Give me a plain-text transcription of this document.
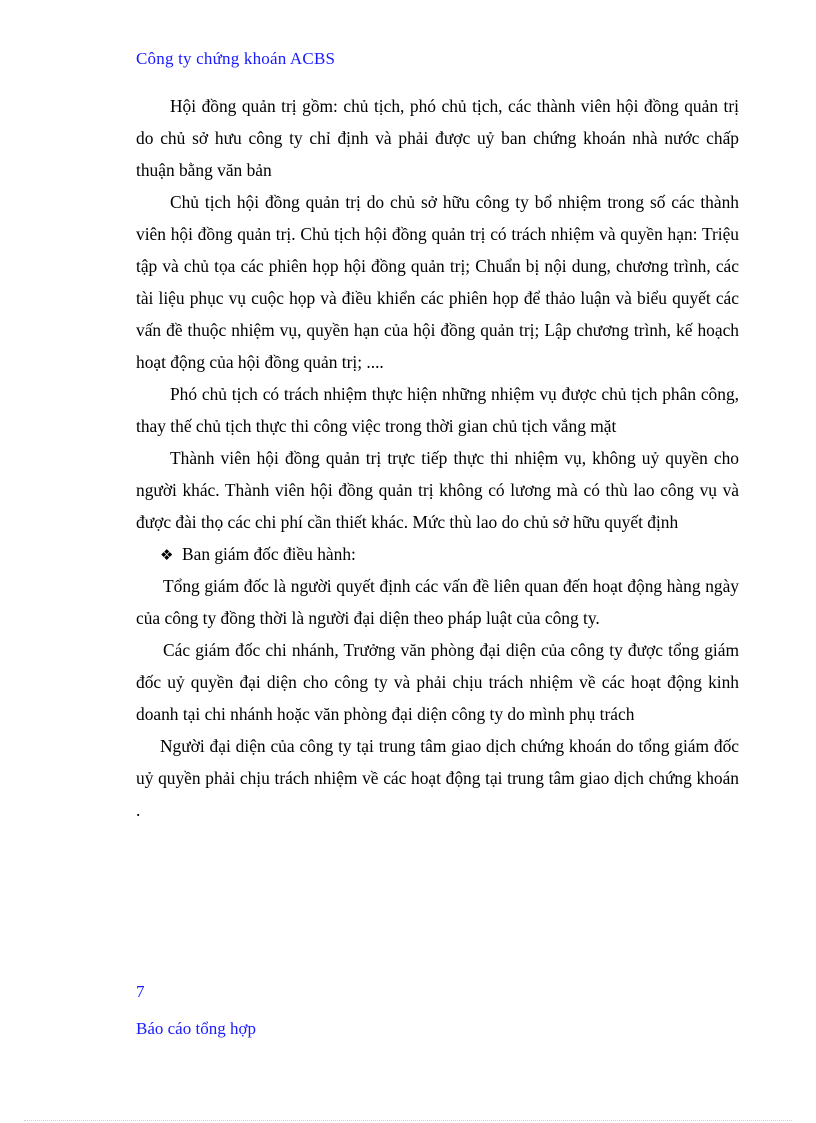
Công ty chứng khoán ACBS

Hội đồng quản trị gồm: chủ tịch, phó chủ tịch, các thành viên hội đồng quản trị do chủ sở hưu công ty chỉ định và phải được uỷ ban chứng khoán nhà nước chấp thuận bằng văn bản

Chủ tịch hội đồng quản trị do chủ sở hữu công ty bổ nhiệm trong số các thành viên hội đồng quản trị. Chủ tịch hội đồng quản trị có trách nhiệm và quyền hạn: Triệu tập và chủ tọa các phiên họp hội đồng quản trị; Chuẩn bị nội dung, chương trình, các tài liệu phục vụ cuộc họp và điều khiển các phiên họp để thảo luận và biểu quyết các vấn đề thuộc nhiệm vụ, quyền hạn của hội đồng quản trị; Lập chương trình, kế hoạch hoạt động của hội đồng quản trị; ....

Phó chủ tịch có trách nhiệm thực hiện những nhiệm vụ được chủ tịch phân công, thay thế chủ tịch thực thi công việc trong thời gian chủ tịch vắng mặt

Thành viên hội đồng quản trị trực tiếp thực thi nhiệm vụ, không uỷ quyền cho người khác. Thành viên hội đồng quản trị không có lương mà có thù lao công vụ và được đài thọ các chi phí cần thiết khác. Mức thù lao do chủ sở hữu quyết định

❖ Ban giám đốc điều hành:

Tổng giám đốc là người quyết định các vấn đề liên quan đến hoạt động hàng ngày của công ty đồng thời là người đại diện theo pháp luật của công ty.

Các giám đốc chi nhánh, Trưởng văn phòng đại diện của công ty được tổng giám đốc uỷ quyền đại diện cho công ty và phải chịu trách nhiệm về các hoạt động kinh doanh tại chi nhánh hoặc văn phòng đại diện công ty do mình phụ trách

Người đại diện của công ty tại trung tâm giao dịch chứng khoán do tổng giám đốc uỷ quyền phải chịu trách nhiệm về các hoạt động tại trung tâm giao dịch chứng khoán .

7
Báo cáo tổng hợp
